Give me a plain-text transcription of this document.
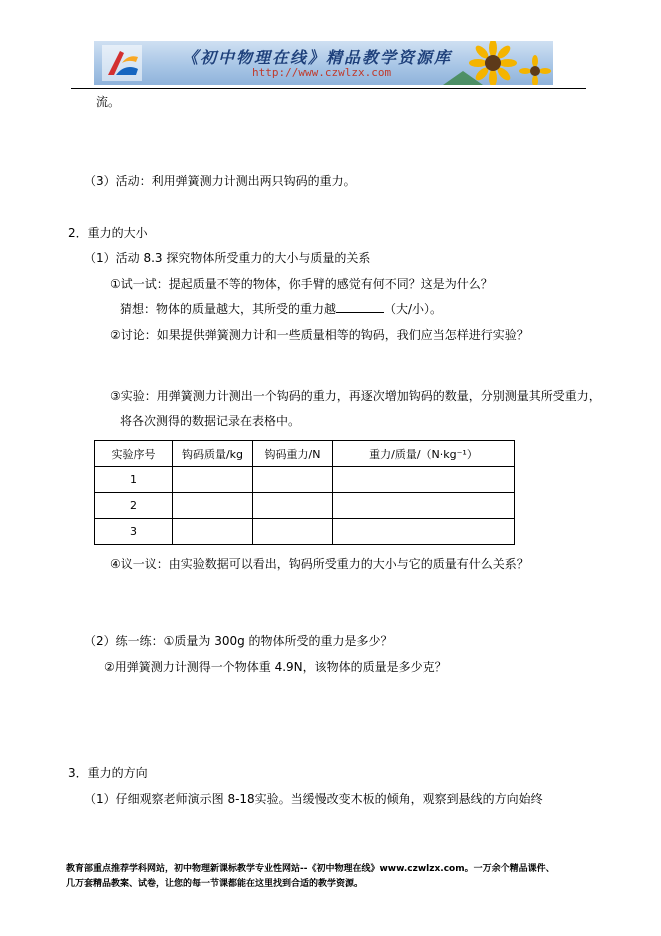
《初中物理在线》精品教学资源库
http://www.czwlzx.com
流。
（3）活动：利用弹簧测力计测出两只钩码的重力。
2．重力的大小
（1）活动 8.3 探究物体所受重力的大小与质量的关系
①试一试：提起质量不等的物体，你手臂的感觉有何不同？这是为什么？
猜想：物体的质量越大，其所受的重力越	（大/小）。
②讨论：如果提供弹簧测力计和一些质量相等的钩码，我们应当怎样进行实验？
③实验：用弹簧测力计测出一个钩码的重力，再逐次增加钩码的数量，分别测量其所受重力，
将各次测得的数据记录在表格中。
实验序号	钩码质量/kg	钩码重力/N	重力/质量/（N·kg⁻¹）
1			
2			
3			
④议一议：由实验数据可以看出，钩码所受重力的大小与它的质量有什么关系？
（2）练一练：①质量为 300g 的物体所受的重力是多少？
②用弹簧测力计测得一个物体重 4.9N，该物体的质量是多少克？
3．重力的方向
（1）仔细观察老师演示图 8-18实验。当缓慢改变木板的倾角，观察到悬线的方向始终
教育部重点推荐学科网站，初中物理新课标教学专业性网站--《初中物理在线》www.czwlzx.com。一万余个精品课件、
几万套精品教案、试卷，让您的每一节课都能在这里找到合适的教学资源。
